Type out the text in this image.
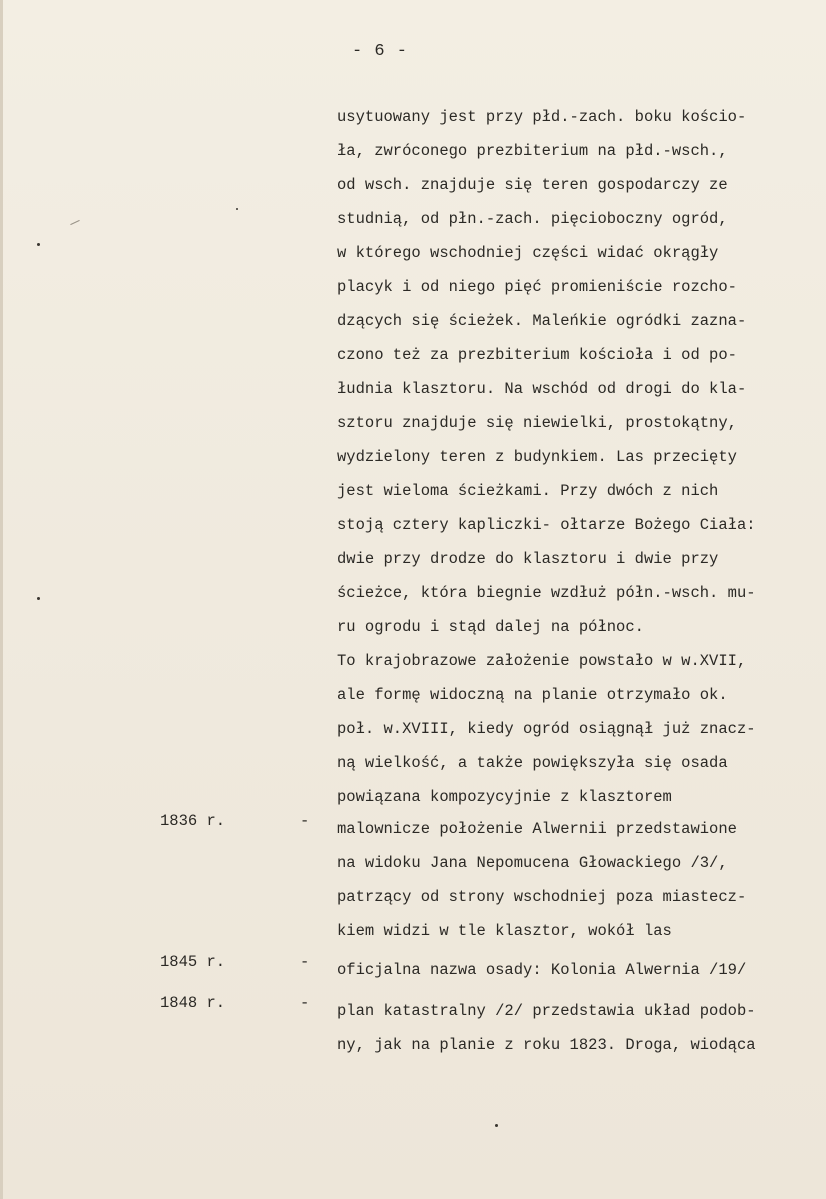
- 6 -
usytuowany jest przy płd.-zach. boku kościo-
ła, zwróconego prezbiterium na płd.-wsch.,
od wsch. znajduje się teren gospodarczy ze
studnią, od płn.-zach. pięcioboczny ogród,
w którego wschodniej części widać okrągły
placyk i od niego pięć promieniście rozcho-
dzących się ścieżek. Maleńkie ogródki zazna-
czono też za prezbiterium kościoła i od po-
łudnia klasztoru. Na wschód od drogi do kla-
sztoru znajduje się niewielki, prostokątny,
wydzielony teren z budynkiem. Las przecięty
jest wieloma ścieżkami. Przy dwóch z nich
stoją cztery kapliczki- ołtarze Bożego Ciała:
dwie przy drodze do klasztoru i dwie przy
ścieżce, która biegnie wzdłuż półn.-wsch. mu-
ru ogrodu i stąd dalej na północ.
To krajobrazowe założenie powstało w w.XVII,
ale formę widoczną na planie otrzymało ok.
poł. w.XVIII, kiedy ogród osiągnął już znacz-
ną wielkość, a także powiększyła się osada
powiązana kompozycyjnie z klasztorem
1836 r.	-	malownicze położenie Alwernii przedstawione
na widoku Jana Nepomucena Głowackiego /3/,
patrzący od strony wschodniej poza miastecz-
kiem widzi w tle klasztor, wokół las
1845 r.	-	oficjalna nazwa osady: Kolonia Alwernia /19/
1848 r.	-	plan katastralny /2/ przedstawia układ podob-
ny, jak na planie z roku 1823. Droga, wiodąca
